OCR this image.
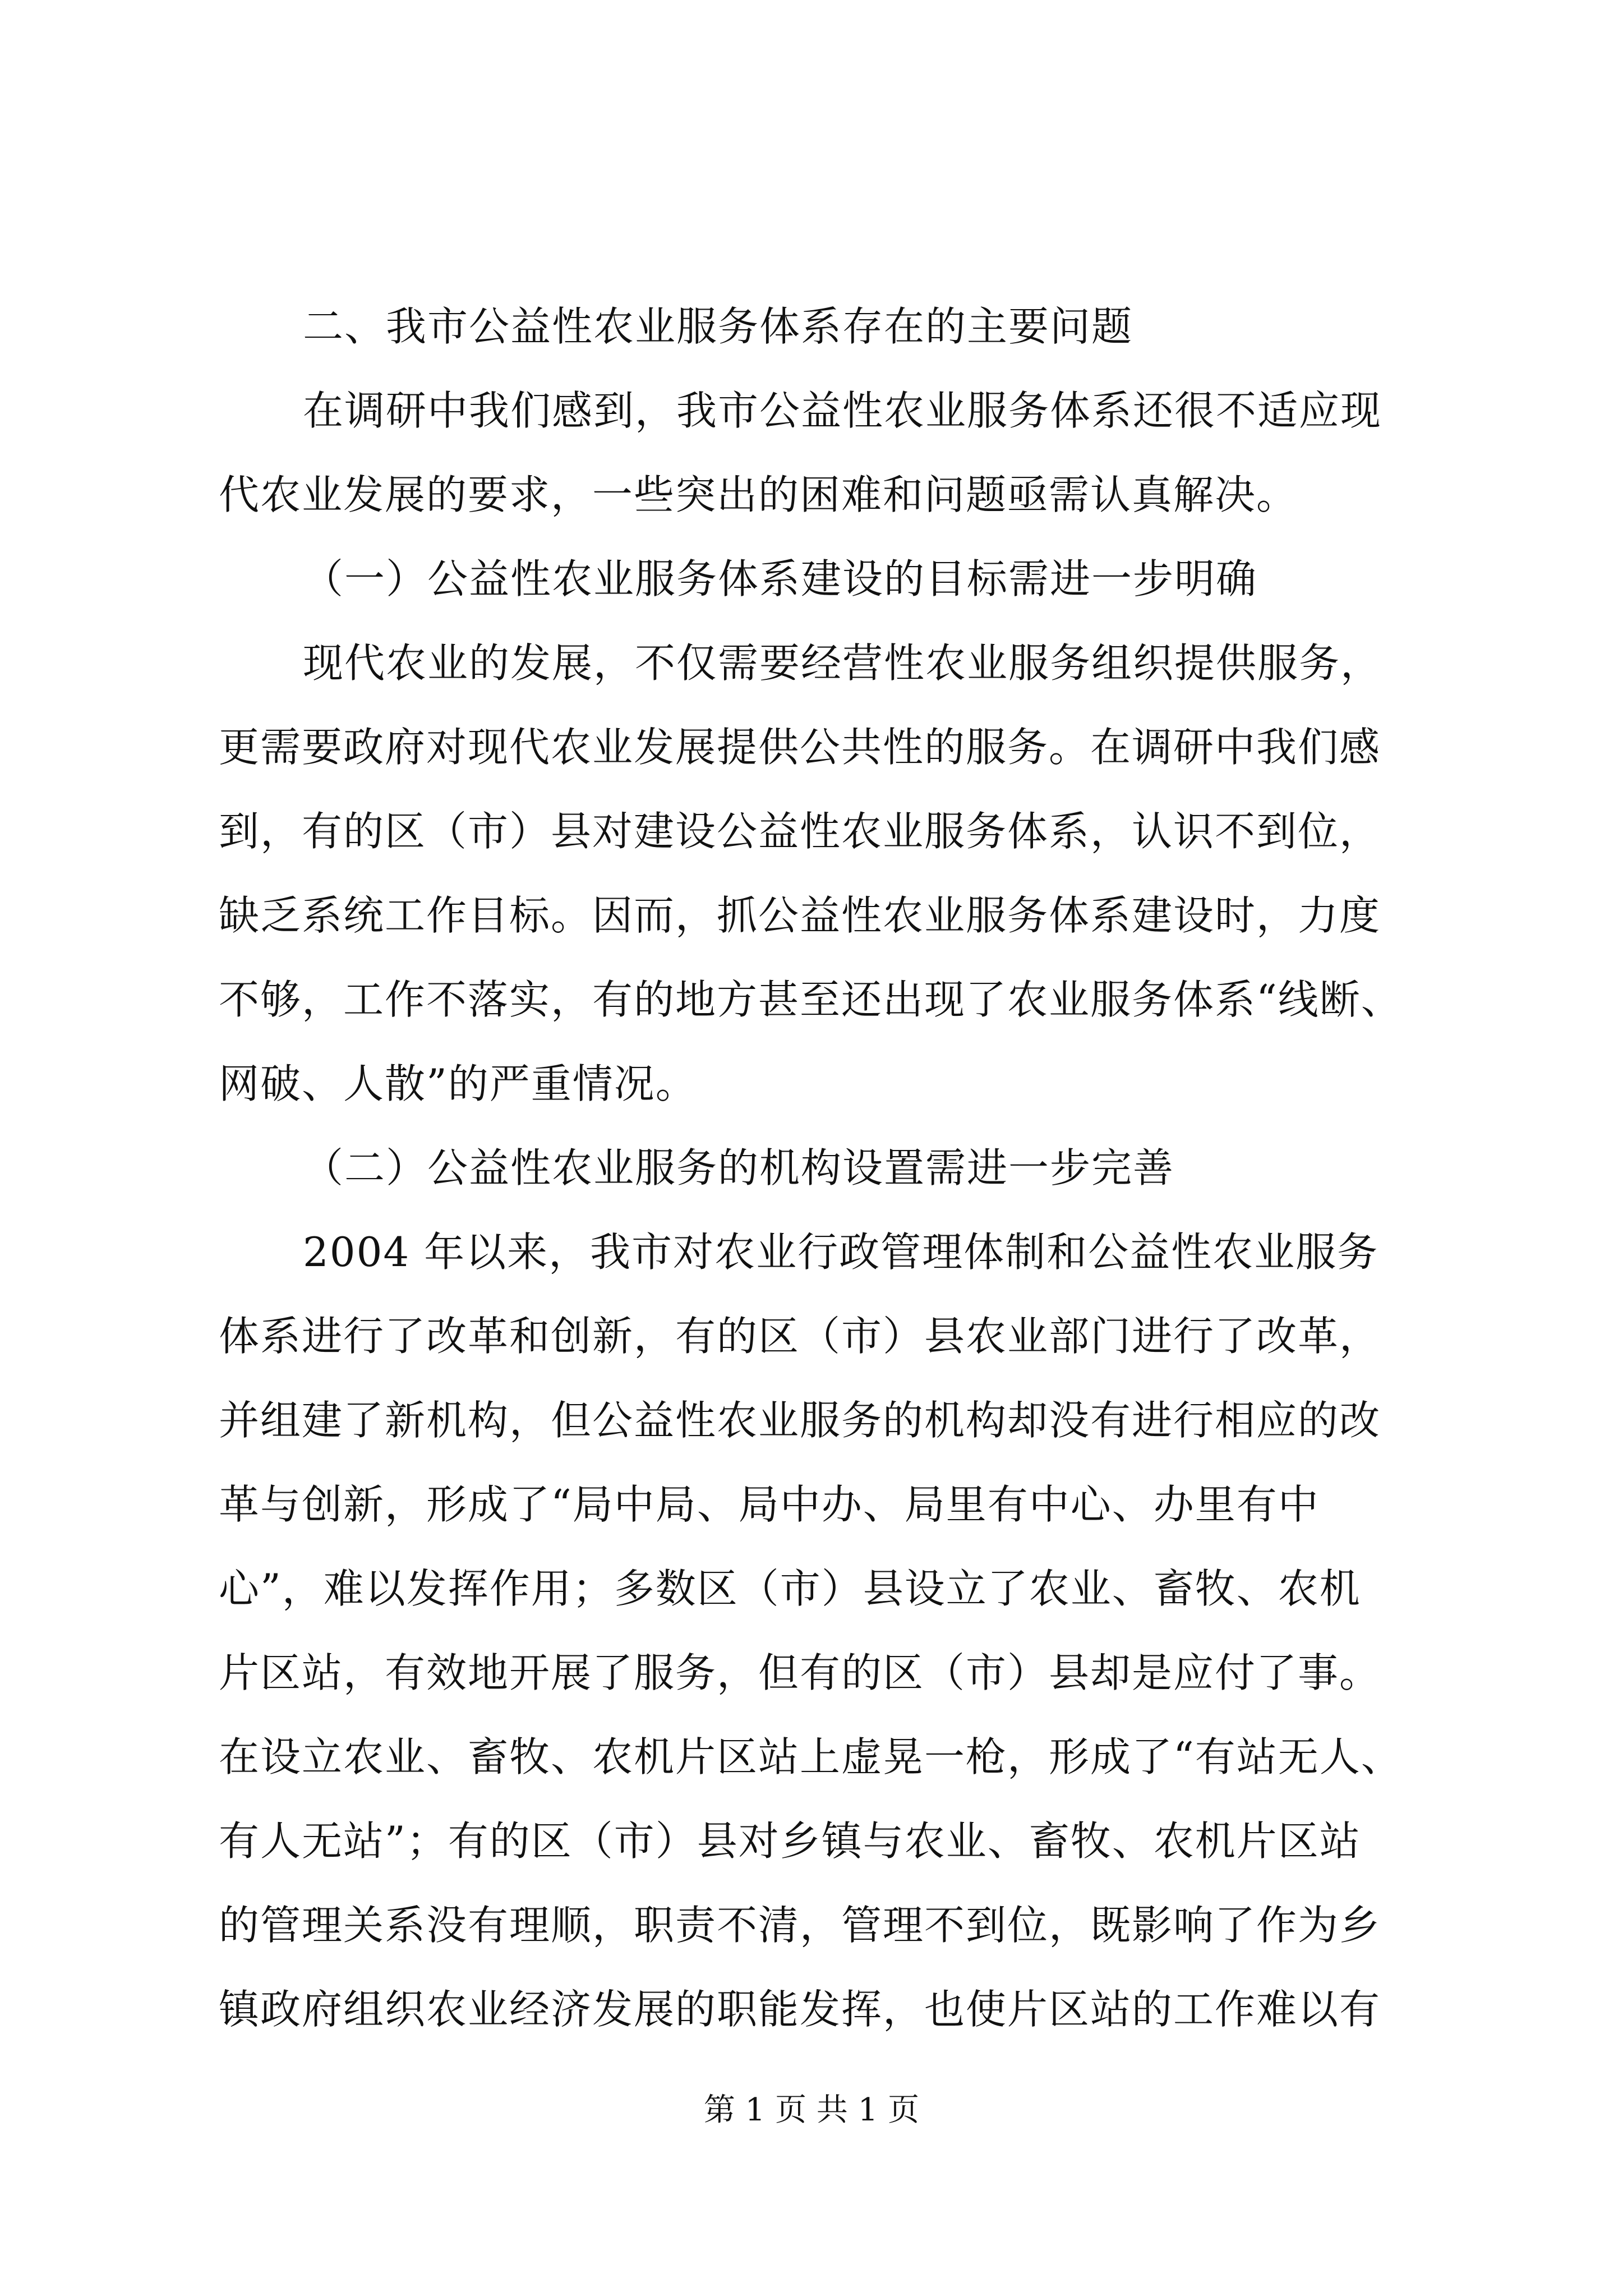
二、我市公益性农业服务体系存在的主要问题
在调研中我们感到，我市公益性农业服务体系还很不适应现
代农业发展的要求，一些突出的困难和问题亟需认真解决。
（一）公益性农业服务体系建设的目标需进一步明确
现代农业的发展，不仅需要经营性农业服务组织提供服务，
更需要政府对现代农业发展提供公共性的服务。在调研中我们感
到，有的区（市）县对建设公益性农业服务体系，认识不到位，
缺乏系统工作目标。因而，抓公益性农业服务体系建设时，力度
不够，工作不落实，有的地方甚至还出现了农业服务体系“线断、
网破、人散”的严重情况。
（二）公益性农业服务的机构设置需进一步完善
2004 年以来，我市对农业行政管理体制和公益性农业服务
体系进行了改革和创新，有的区（市）县农业部门进行了改革，
并组建了新机构，但公益性农业服务的机构却没有进行相应的改
革与创新，形成了“局中局、局中办、局里有中心、办里有中
心”，难以发挥作用；多数区（市）县设立了农业、畜牧、农机
片区站，有效地开展了服务，但有的区（市）县却是应付了事。
在设立农业、畜牧、农机片区站上虚晃一枪，形成了“有站无人、
有人无站”；有的区（市）县对乡镇与农业、畜牧、农机片区站
的管理关系没有理顺，职责不清，管理不到位，既影响了作为乡
镇政府组织农业经济发展的职能发挥，也使片区站的工作难以有
第 1 页 共 1 页
